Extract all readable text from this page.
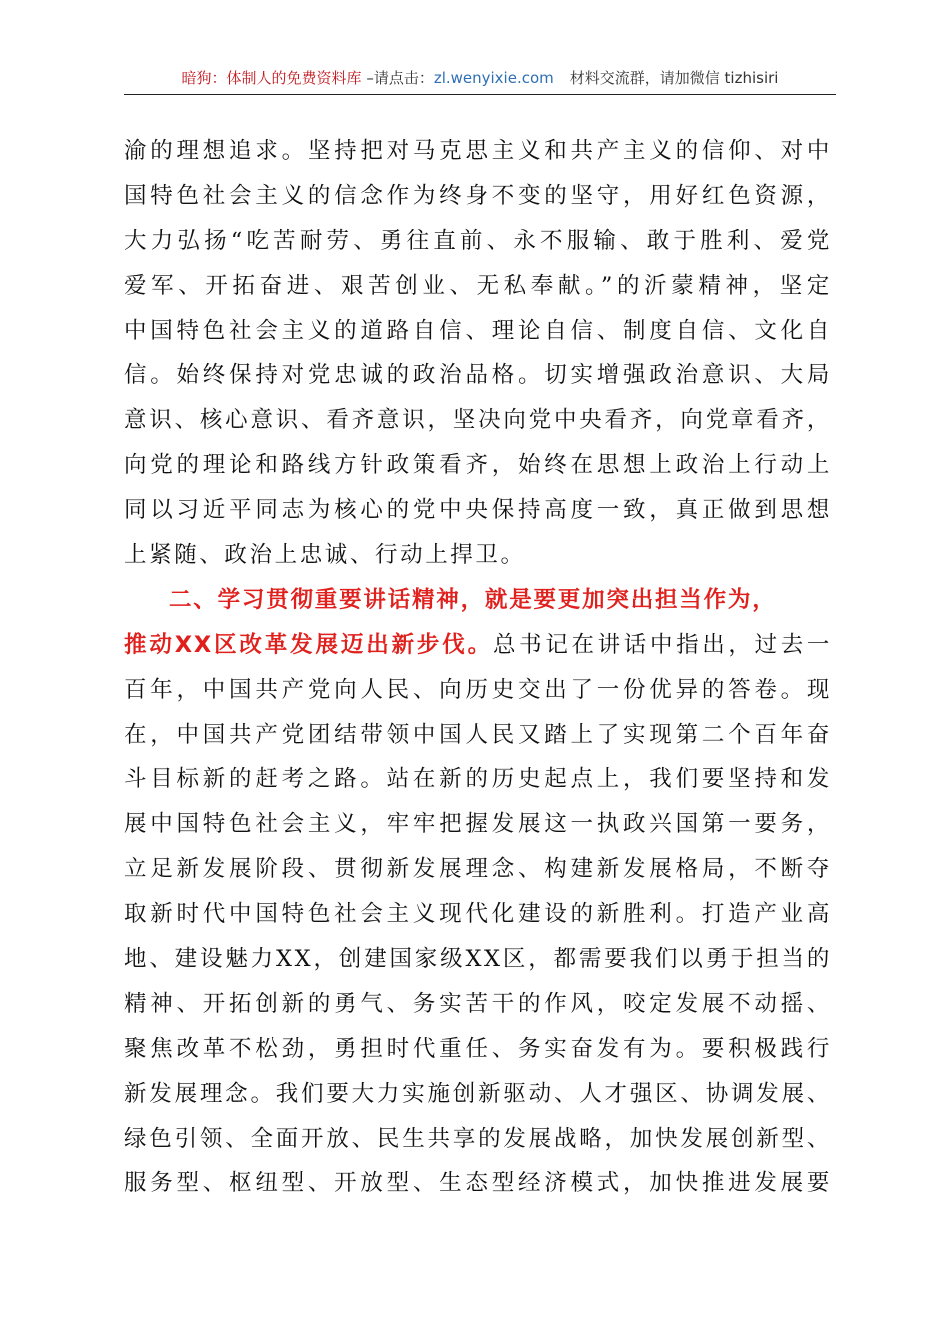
暗狗：体制人的免费资料库 –请点击：zl.wenyixie.com 材料交流群，请加微信 tizhisiri
渝的理想追求。坚持把对马克思主义和共产主义的信仰、对中
国特色社会主义的信念作为终身不变的坚守，用好红色资源，
大力弘扬“吃苦耐劳、勇往直前、永不服输、敢于胜利、爱党
爱军、开拓奋进、艰苦创业、无私奉献。”的沂蒙精神，坚定
中国特色社会主义的道路自信、理论自信、制度自信、文化自
信。始终保持对党忠诚的政治品格。切实增强政治意识、大局
意识、核心意识、看齐意识，坚决向党中央看齐，向党章看齐，
向党的理论和路线方针政策看齐，始终在思想上政治上行动上
同以习近平同志为核心的党中央保持高度一致，真正做到思想
上紧随、政治上忠诚、行动上捍卫。
二、学习贯彻重要讲话精神，就是要更加突出担当作为，
推动XX区改革发展迈出新步伐。总书记在讲话中指出，过去一
百年，中国共产党向人民、向历史交出了一份优异的答卷。现
在，中国共产党团结带领中国人民又踏上了实现第二个百年奋
斗目标新的赶考之路。站在新的历史起点上，我们要坚持和发
展中国特色社会主义，牢牢把握发展这一执政兴国第一要务，
立足新发展阶段、贯彻新发展理念、构建新发展格局，不断夺
取新时代中国特色社会主义现代化建设的新胜利。打造产业高
地、建设魅力XX，创建国家级XX区，都需要我们以勇于担当的
精神、开拓创新的勇气、务实苦干的作风，咬定发展不动摇、
聚焦改革不松劲，勇担时代重任、务实奋发有为。要积极践行
新发展理念。我们要大力实施创新驱动、人才强区、协调发展、
绿色引领、全面开放、民生共享的发展战略，加快发展创新型、
服务型、枢纽型、开放型、生态型经济模式，加快推进发展要
